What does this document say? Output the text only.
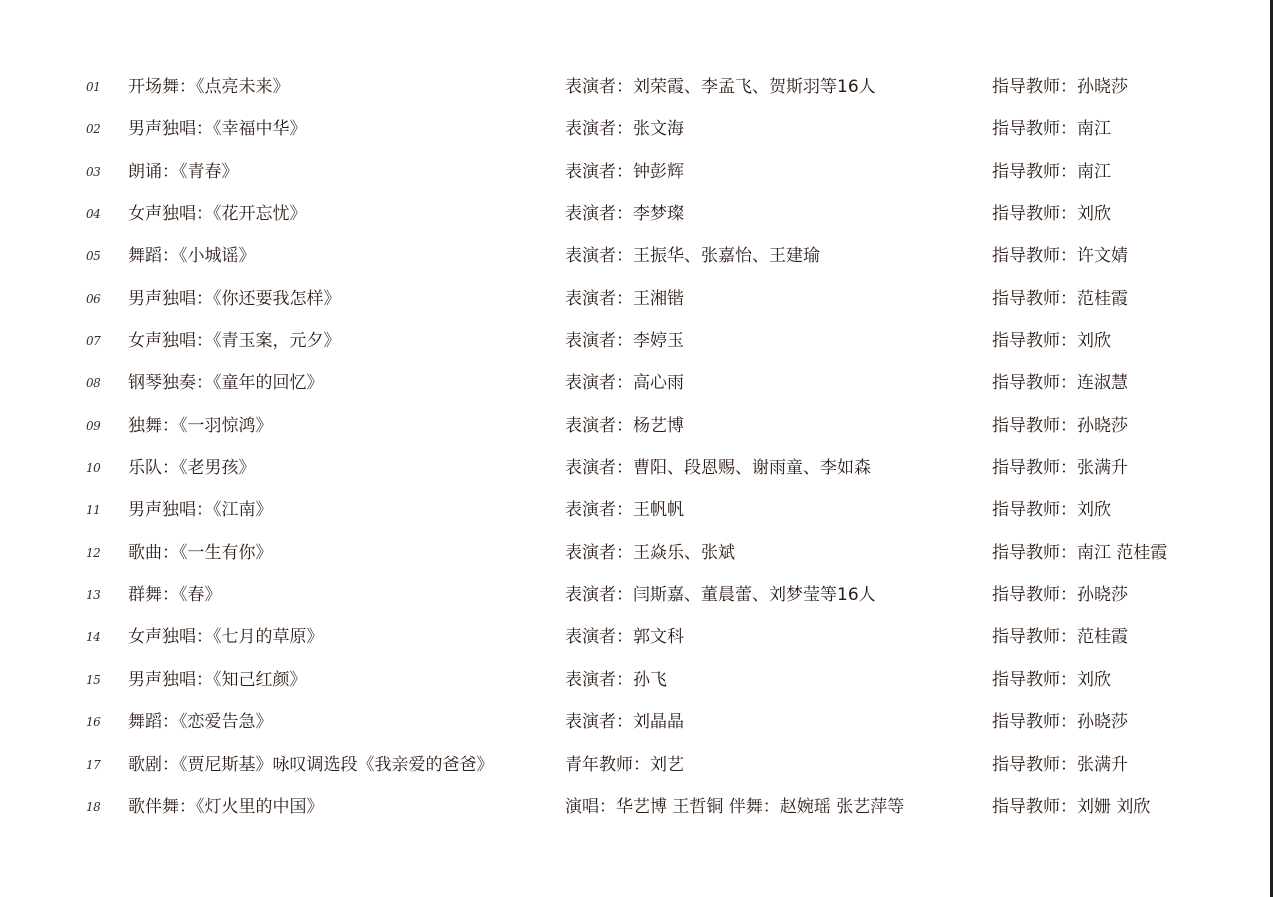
01 开场舞：《点亮未来》	表演者：刘荣霞、李孟飞、贺斯羽等16人	指导教师：孙晓莎
02 男声独唱：《幸福中华》	表演者：张文海	指导教师：南江
03 朗诵：《青春》	表演者：钟彭辉	指导教师：南江
04 女声独唱：《花开忘忧》	表演者：李梦璨	指导教师：刘欣
05 舞蹈：《小城谣》	表演者：王振华、张嘉怡、王建瑜	指导教师：许文婧
06 男声独唱：《你还要我怎样》	表演者：王湘锴	指导教师：范桂霞
07 女声独唱：《青玉案，元夕》	表演者：李婷玉	指导教师：刘欣
08 钢琴独奏：《童年的回忆》	表演者：高心雨	指导教师：连淑慧
09 独舞：《一羽惊鸿》	表演者：杨艺博	指导教师：孙晓莎
10 乐队：《老男孩》	表演者：曹阳、段恩赐、谢雨童、李如森	指导教师：张满升
11 男声独唱：《江南》	表演者：王帆帆	指导教师：刘欣
12 歌曲：《一生有你》	表演者：王焱乐、张斌	指导教师：南江 范桂霞
13 群舞：《春》	表演者：闫斯嘉、董晨蕾、刘梦莹等16人	指导教师：孙晓莎
14 女声独唱：《七月的草原》	表演者：郭文科	指导教师：范桂霞
15 男声独唱：《知己红颜》	表演者：孙飞	指导教师：刘欣
16 舞蹈：《恋爱告急》	表演者：刘晶晶	指导教师：孙晓莎
17 歌剧：《贾尼斯基》咏叹调选段《我亲爱的爸爸》	青年教师：刘艺	指导教师：张满升
18 歌伴舞：《灯火里的中国》	演唱：华艺博 王哲铜 伴舞：赵婉瑶 张艺萍等	指导教师：刘姗 刘欣
